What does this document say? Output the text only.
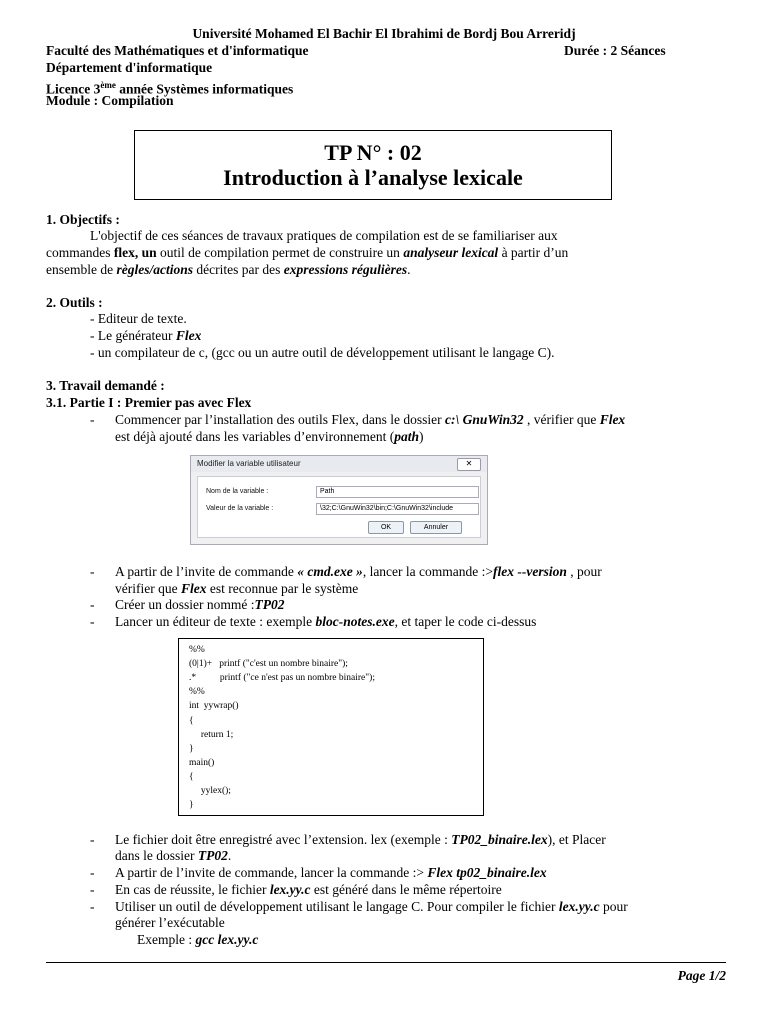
Université Mohamed El Bachir El Ibrahimi de Bordj Bou Arreridj
Faculté des Mathématiques et d'informatique	Durée : 2 Séances
Département d'informatique
Licence 3ème année Systèmes informatiques
Module : Compilation
TP N° : 02
Introduction à l’analyse lexicale
1. Objectifs :
L'objectif de ces séances de travaux pratiques de compilation est de se familiariser aux
commandes flex, un outil de compilation permet de construire un analyseur lexical à partir d’un
ensemble de règles/actions décrites par des expressions régulières.
2. Outils :
- Editeur de texte.
- Le générateur Flex
- un compilateur de c, (gcc ou un autre outil de développement utilisant le langage C).
3. Travail demandé :
3.1. Partie I : Premier pas avec Flex
- Commencer par l’installation des outils Flex, dans le dossier c:\ GnuWin32 , vérifier que Flex
est déjà ajouté dans les variables d’environnement (path)
Modifier la variable utilisateur	✕
Nom de la variable :	Path
Valeur de la variable :	\32;C:\GnuWin32\bin;C:\GnuWin32\include
OK	Annuler
- A partir de l’invite de commande « cmd.exe », lancer la commande :>flex --version , pour
vérifier que Flex est reconnue par le système
- Créer un dossier nommé :TP02
- Lancer un éditeur de texte : exemple bloc-notes.exe, et taper le code ci-dessus
%%
(0|1)+   printf ("c'est un nombre binaire");
.*          printf ("ce n'est pas un nombre binaire");
%%
int  yywrap()
{
return 1;
}
main()
{
yylex();
}
- Le fichier doit être enregistré avec l’extension. lex (exemple : TP02_binaire.lex), et Placer
dans le dossier TP02.
- A partir de l’invite de commande, lancer la commande :> Flex tp02_binaire.lex
- En cas de réussite, le fichier lex.yy.c est généré dans le même répertoire
- Utiliser un outil de développement utilisant le langage C. Pour compiler le fichier lex.yy.c pour
générer l’exécutable
Exemple : gcc lex.yy.c
Page 1/2
